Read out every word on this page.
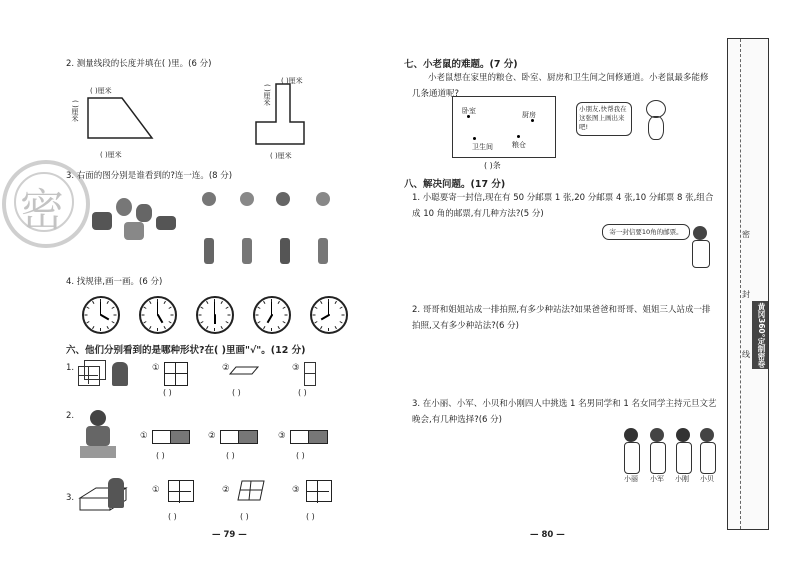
密
2. 测量线段的长度并填在( )里。(6 分)
( )厘米
( )厘米
( )厘米
( )厘米
( )厘米
( )厘米
3. 右面的图分别是谁看到的?连一连。(8 分)
4. 找规律,画一画。(6 分)
六、他们分别看到的是哪种形状?在( )里画"√"。(12 分)
1.	①
( )
②
( )
③
( )
2.
①
( )
②
( )
③
( )
3.
①
( )
②
( )
③
( )
— 79 —
七、小老鼠的难题。(7 分)
小老鼠想在家里的粮仓、卧室、厨房和卫生间之间修通道。小老鼠最多能修几条通道呢?
卧室	厨房
卫生间	粮仓
( )条
小朋友,快帮我在这张图上画出来吧!
八、解决问题。(17 分)
1. 小聪要寄一封信,现在有 50 分邮票 1 张,20 分邮票 4 张,10 分邮票 8 张,组合成 10 角的邮票,有几种方法?(5 分)
寄一封信要10角的邮票。
2. 哥哥和姐姐站成一排拍照,有多少种站法?如果爸爸和哥哥、姐姐三人站成一排拍照,又有多少种站法?(6 分)
3. 在小丽、小军、小贝和小刚四人中挑选 1 名男同学和 1 名女同学主持元旦文艺晚会,有几种选择?(6 分)
小丽 小军 小刚 小贝
— 80 —
密
封
线 黄冈360°定制密卷
